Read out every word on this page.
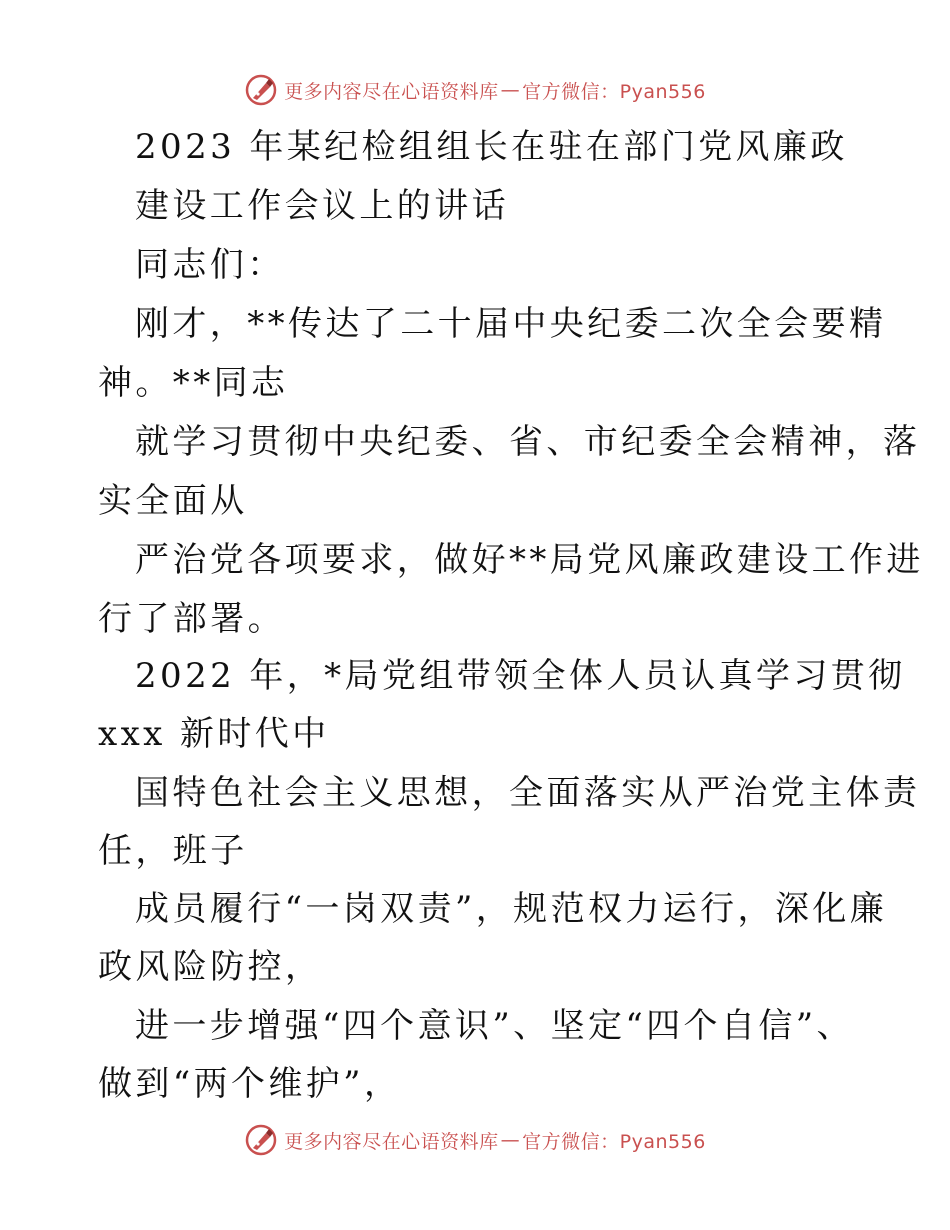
更多内容尽在心语资料库 — 官方微信：Pyan556
2023 年某纪检组组长在驻在部门党风廉政
建设工作会议上的讲话
同志们：
刚才，**传达了二十届中央纪委二次全会要精
神。**同志
就学习贯彻中央纪委、省、市纪委全会精神，落
实全面从
严治党各项要求，做好**局党风廉政建设工作进
行了部署。
2022 年，*局党组带领全体人员认真学习贯彻
xxx 新时代中
国特色社会主义思想，全面落实从严治党主体责
任，班子
成员履行“一岗双责”，规范权力运行，深化廉
政风险防控，
进一步增强“四个意识”、坚定“四个自信”、
做到“两个维护”，
更多内容尽在心语资料库 — 官方微信：Pyan556
